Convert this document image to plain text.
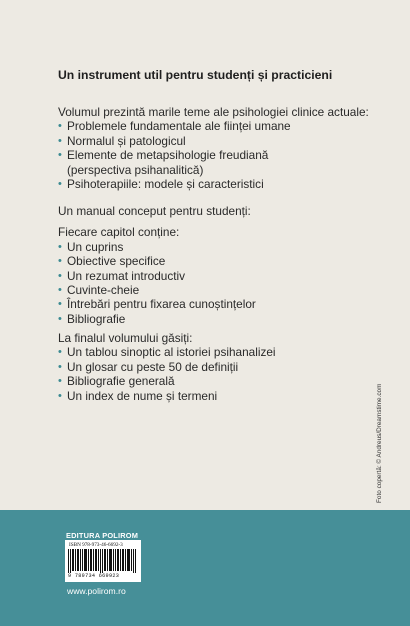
Un instrument util pentru studenți și practicieni
Volumul prezintă marile teme ale psihologiei clinice actuale:
• Problemele fundamentale ale ființei umane
• Normalul și patologicul
• Elemente de metapsihologie freudiană
(perspectiva psihanalitică)
• Psihoterapiile: modele și caracteristici
Un manual conceput pentru studenți:
Fiecare capitol conține:
• Un cuprins
• Obiective specifice
• Un rezumat introductiv
• Cuvinte-cheie
• Întrebări pentru fixarea cunoștințelor
• Bibliografie
La finalul volumului găsiți:
• Un tablou sinoptic al istoriei psihanalizei
• Un glosar cu peste 50 de definiții
• Bibliografie generală
• Un index de nume și termeni	Foto copertă: © Andreus/Dreamstime.com
EDITURA POLIROM
ISBN 978-973-46-6692-3
9 789734 669923
www.polirom.ro
